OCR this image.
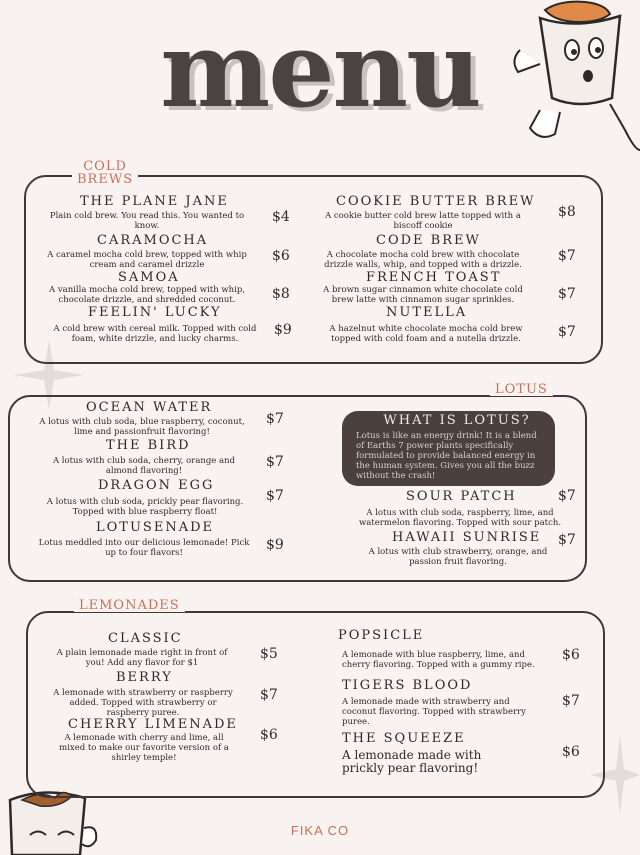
menu
COLD
BREWS
THE PLANE JANE
Plain cold brew. You read this. You wanted to know.
$4
CARAMOCHA
A caramel mocha cold brew, topped with whip cream and caramel drizzle
$6
SAMOA
A vanilla mocha cold brew, topped with whip, chocolate drizzle, and shredded coconut.	$8
FEELIN' LUCKY
A cold brew with cereal milk. Topped with cold foam, white drizzle, and lucky charms.
$9
COOKIE BUTTER BREW
A cookie butter cold brew latte topped with a biscoff cookie
$8
CODE BREW
A chocolate mocha cold brew with chocolate drizzle walls, whip, and topped with a drizzle.
$7
FRENCH TOAST
A brown sugar cinnamon white chocolate cold brew latte with cinnamon sugar sprinkles.	$7
NUTELLA
A hazelnut white chocolate mocha cold brew topped with cold foam and a nutella drizzle.	$7
LOTUS
OCEAN WATER
A lotus with club soda, blue raspberry, coconut, lime and passionfruit flavoring!
$7
THE BIRD
A lotus with club soda, cherry, orange and almond flavoring!
$7
DRAGON EGG
A lotus with club soda, prickly pear flavoring. Topped with blue raspberry float!
$7
LOTUSENADE
Lotus meddled into our delicious lemonade! Pick up to four flavors!	$9
WHAT IS LOTUS?
Lotus is like an energy drink! It is a blend of Earths 7 power plants specifically formulated to provide balanced energy in the human system. Gives you all the buzz without the crash!
SOUR PATCH
A lotus with club soda, raspberry, lime, and watermelon flavoring. Topped with sour patch.
$7
HAWAII SUNRISE
A lotus with club strawberry, orange, and passion fruit flavoring.
$7
LEMONADES
CLASSIC
A plain lemonade made right in front of you! Add any flavor for $1
$5
BERRY
A lemonade with strawberry or raspberry added. Topped with strawberry or raspberry puree.
$7
CHERRY LIMENADE
A lemonade with cherry and lime, all mixed to make our favorite version of a shirley temple!
$6
POPSICLE
A lemonade with blue raspberry, lime, and cherry flavoring. Topped with a gummy ripe.
$6
TIGERS BLOOD
A lemonade made with strawberry and coconut flavoring. Topped with strawberry puree.
$7
THE SQUEEZE
A lemonade made with prickly pear flavoring!
$6
FIKA CO
